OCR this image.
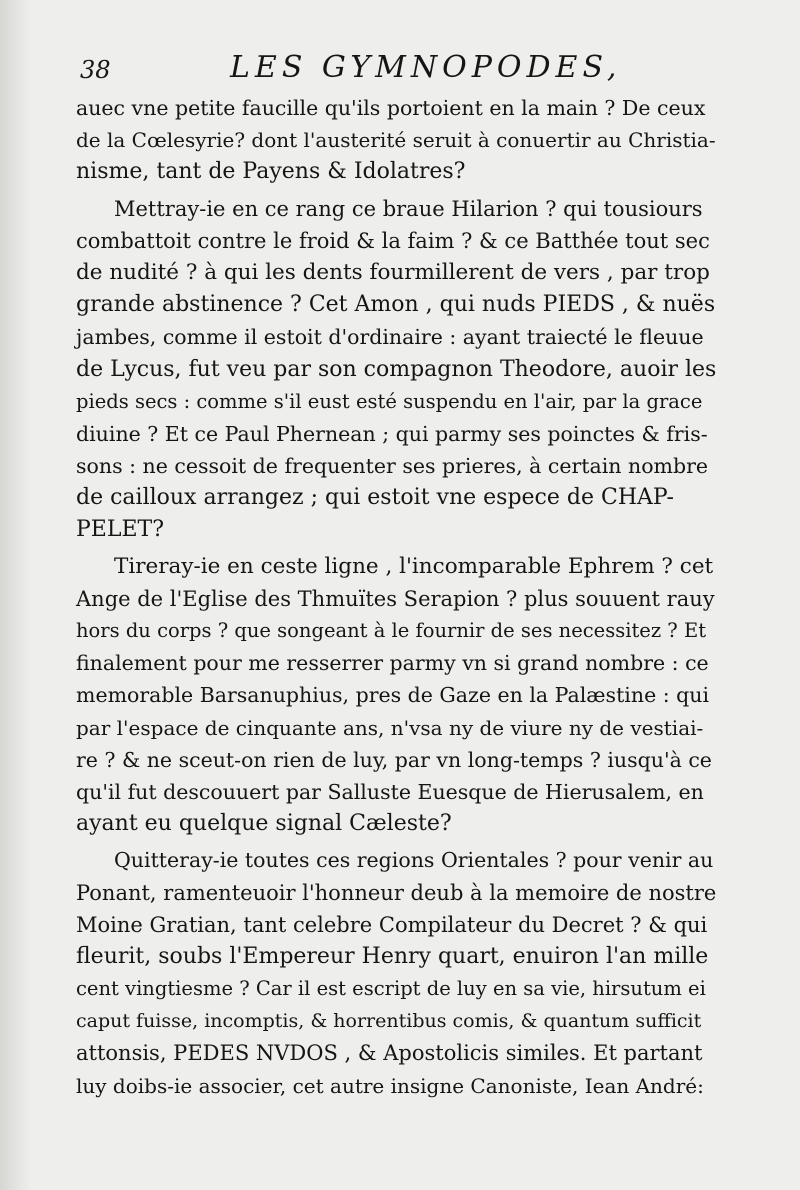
38	LES GYMNOPODES,
auec vne petite faucille qu'ils portoient en la main ? De ceux
de la Cœlesyrie? dont l'austerité seruit à conuertir au Christia-
nisme, tant de Payens & Idolatres?
Mettray-ie en ce rang ce braue Hilarion ? qui tousiours
combattoit contre le froid & la faim ? & ce Batthée tout sec
de nudité ? à qui les dents fourmillerent de vers , par trop
grande abstinence ? Cet Amon , qui nuds PIEDS , & nuës
jambes, comme il estoit d'ordinaire : ayant traiecté le fleuue
de Lycus, fut veu par son compagnon Theodore, auoir les
pieds secs : comme s'il eust esté suspendu en l'air, par la grace
diuine ? Et ce Paul Phernean ; qui parmy ses poinctes & fris-
sons : ne cessoit de frequenter ses prieres, à certain nombre
de cailloux arrangez ; qui estoit vne espece de CHAP-
PELET?
Tireray-ie en ceste ligne , l'incomparable Ephrem ? cet
Ange de l'Eglise des Thmuïtes Serapion ? plus souuent rauy
hors du corps ? que songeant à le fournir de ses necessitez ? Et
finalement pour me resserrer parmy vn si grand nombre : ce
memorable Barsanuphius, pres de Gaze en la Palæstine : qui
par l'espace de cinquante ans, n'vsa ny de viure ny de vestiai-
re ? & ne sceut-on rien de luy, par vn long-temps ? iusqu'à ce
qu'il fut descouuert par Salluste Euesque de Hierusalem, en
ayant eu quelque signal Cæleste?
Quitteray-ie toutes ces regions Orientales ? pour venir au
Ponant, ramenteuoir l'honneur deub à la memoire de nostre
Moine Gratian, tant celebre Compilateur du Decret ? & qui
fleurit, soubs l'Empereur Henry quart, enuiron l'an mille
cent vingtiesme ? Car il est escript de luy en sa vie, hirsutum ei
caput fuisse, incomptis, & horrentibus comis, & quantum sufficit
attonsis, PEDES NVDOS , & Apostolicis similes. Et partant
luy doibs-ie associer, cet autre insigne Canoniste, Iean André:
